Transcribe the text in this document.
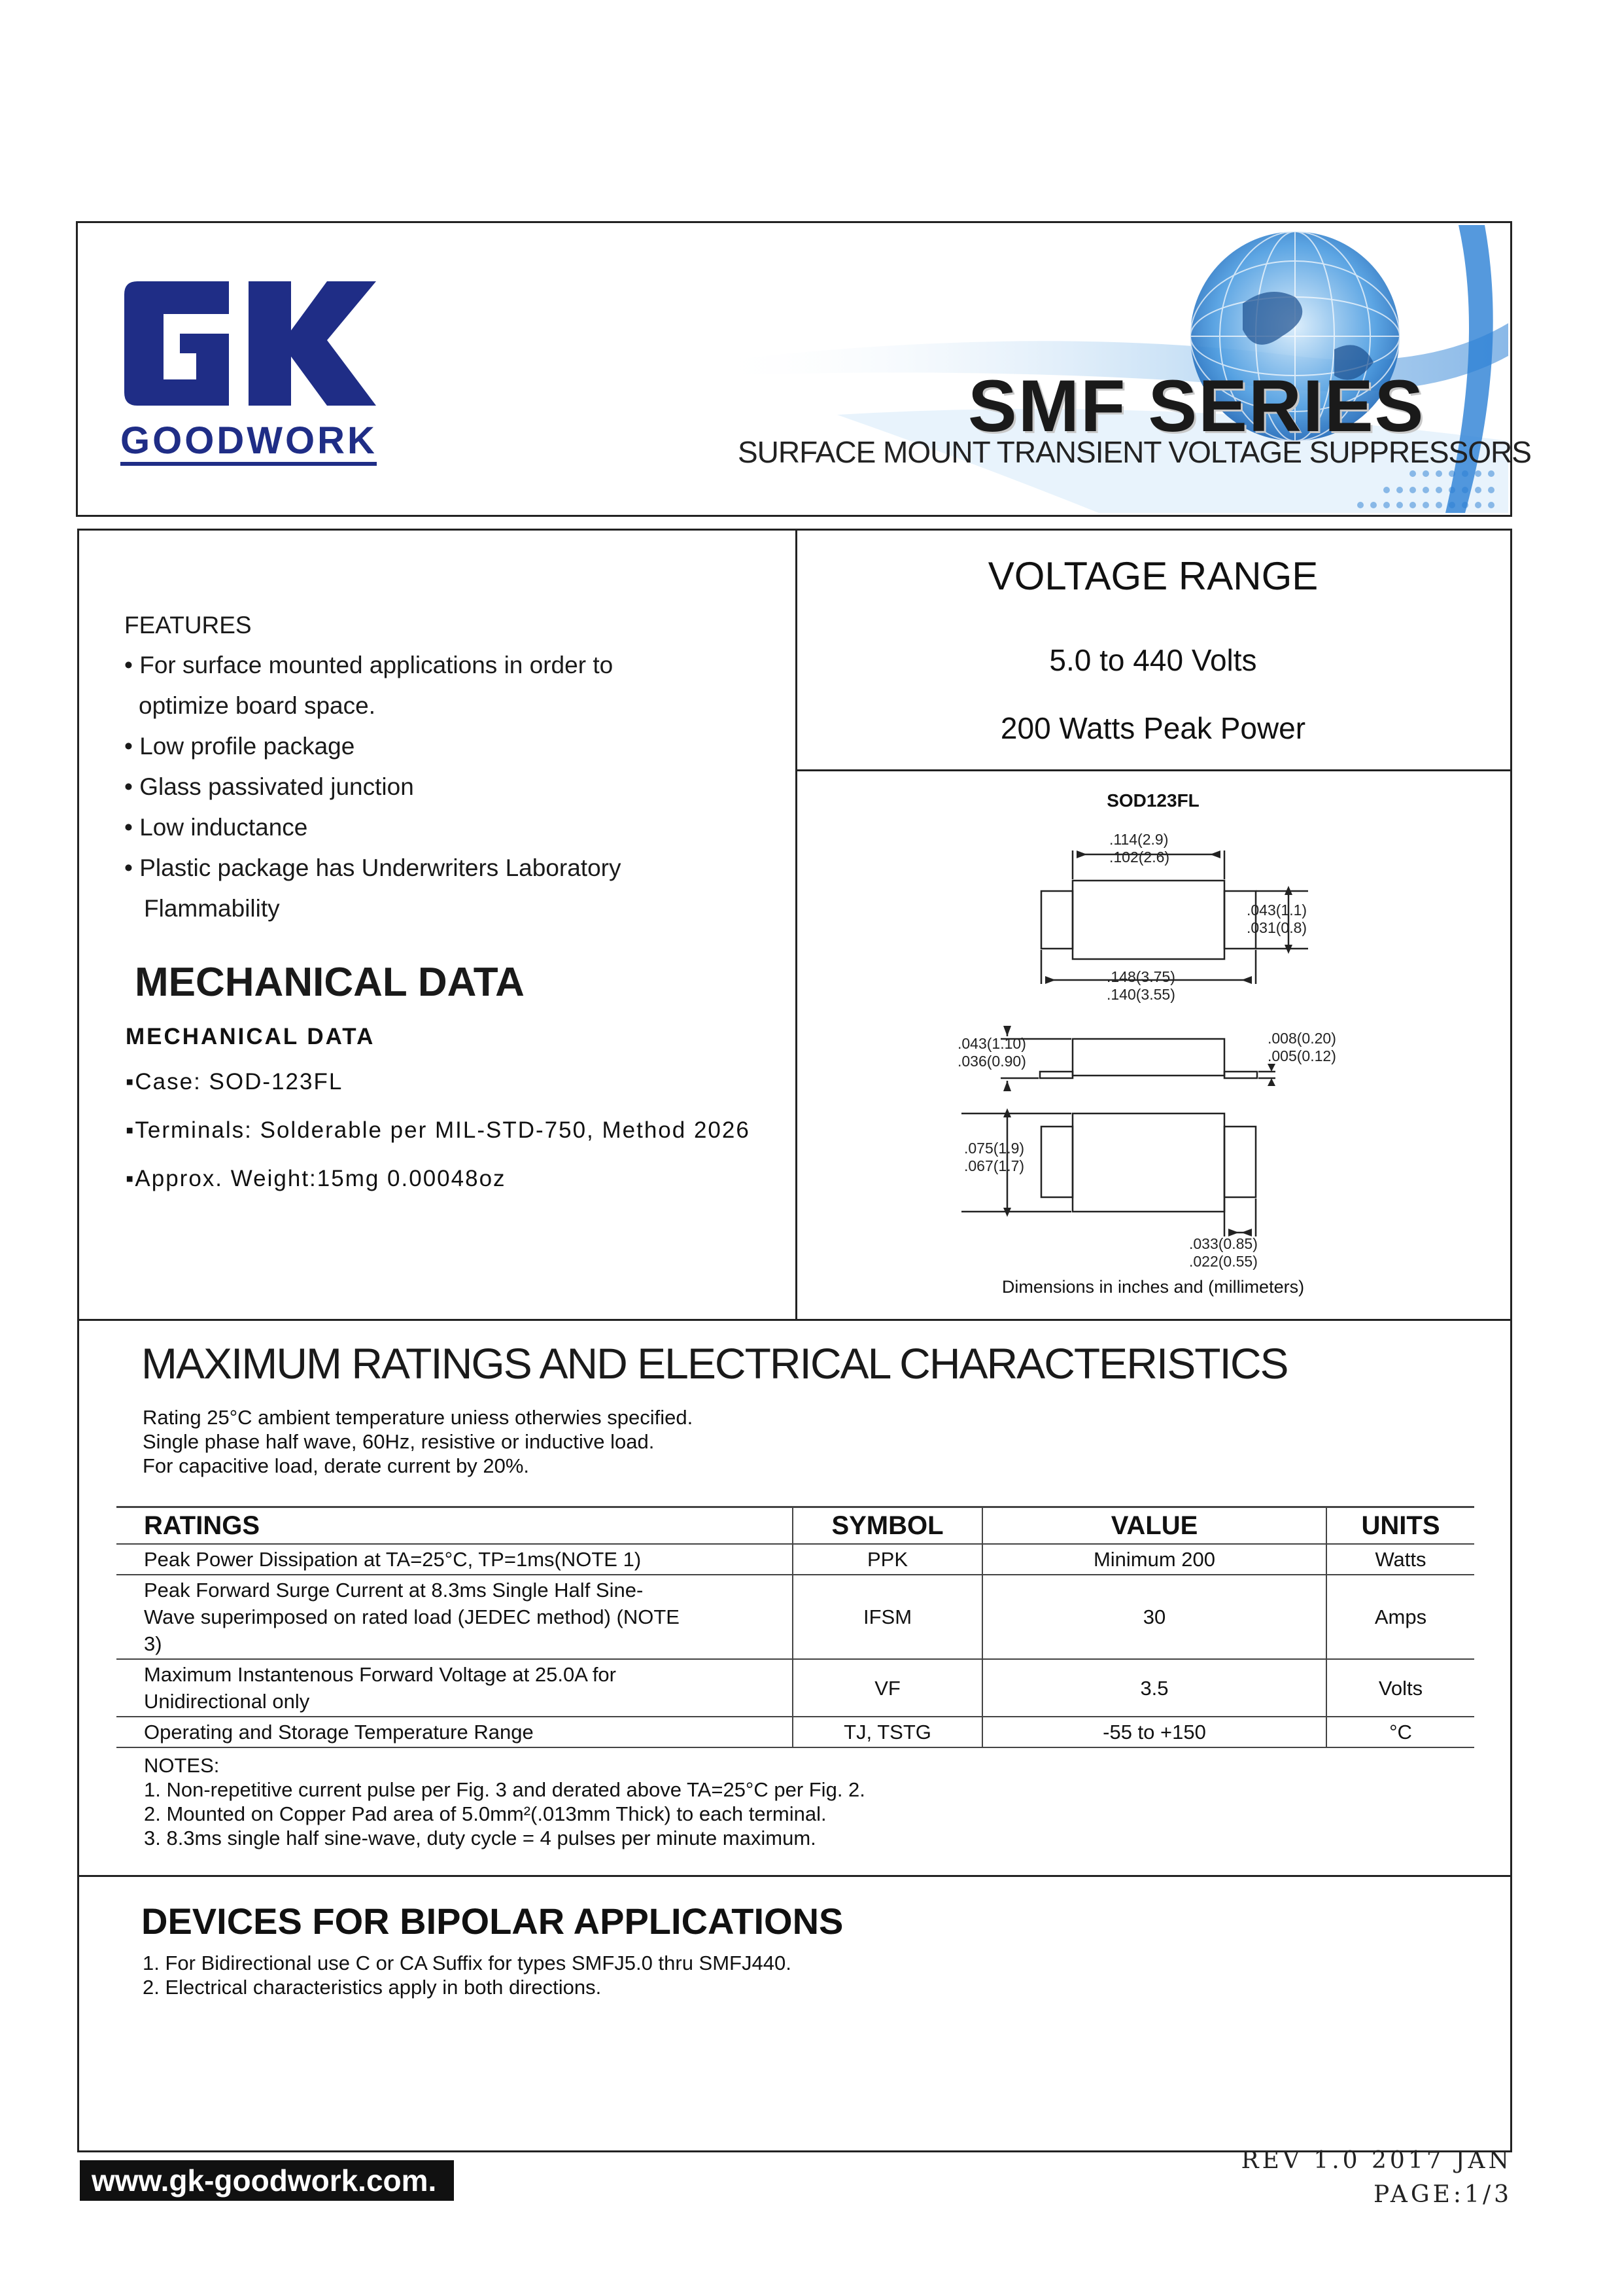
GOODWORK	SMF SERIES
SURFACE MOUNT TRANSIENT VOLTAGE SUPPRESSORS
FEATURES
• For surface mounted applications in order to
optimize board space.
• Low profile package
• Glass passivated junction
• Low inductance
• Plastic package has Underwriters Laboratory
Flammability
MECHANICAL DATA
MECHANICAL DATA
▪Case: SOD-123FL
▪Terminals: Solderable per MIL-STD-750, Method 2026
▪Approx. Weight:15mg 0.00048oz
VOLTAGE RANGE
5.0 to 440 Volts
200 Watts Peak Power
SOD123FL
.114(2.9)
.102(2.6)
.043(1.1)
.031(0.8)
.148(3.75)
.140(3.55)
.043(1.10)
.036(0.90)
.008(0.20)
.005(0.12)
.075(1.9)
.067(1.7)
.033(0.85)
.022(0.55)
Dimensions in inches and (millimeters)
MAXIMUM RATINGS AND ELECTRICAL CHARACTERISTICS
Rating 25°C ambient temperature uniess otherwies specified.
Single phase half wave, 60Hz, resistive or inductive load.
For capacitive load, derate current by 20%.
RATINGS	SYMBOL	VALUE	UNITS
Peak Power Dissipation at TA=25°C, TP=1ms(NOTE 1)	PPK	Minimum 200	Watts
Peak Forward Surge Current at 8.3ms Single Half Sine-Wave superimposed on rated load (JEDEC method) (NOTE 3)	IFSM	30	Amps
Maximum Instantenous Forward Voltage at 25.0A for Unidirectional only	VF	3.5	Volts
Operating and Storage Temperature Range	TJ, TSTG	-55 to +150	°C
NOTES:
1. Non-repetitive current pulse per Fig. 3 and derated above TA=25°C per Fig. 2.
2. Mounted on Copper Pad area of 5.0mm²(.013mm Thick) to each terminal.
3. 8.3ms single half sine-wave, duty cycle = 4 pulses per minute maximum.
DEVICES FOR BIPOLAR APPLICATIONS
1. For Bidirectional use C or CA Suffix for types SMFJ5.0 thru SMFJ440.
2. Electrical characteristics apply in both directions.
www.gk-goodwork.com.
REV 1.0 2017 JAN
PAGE:1/3
